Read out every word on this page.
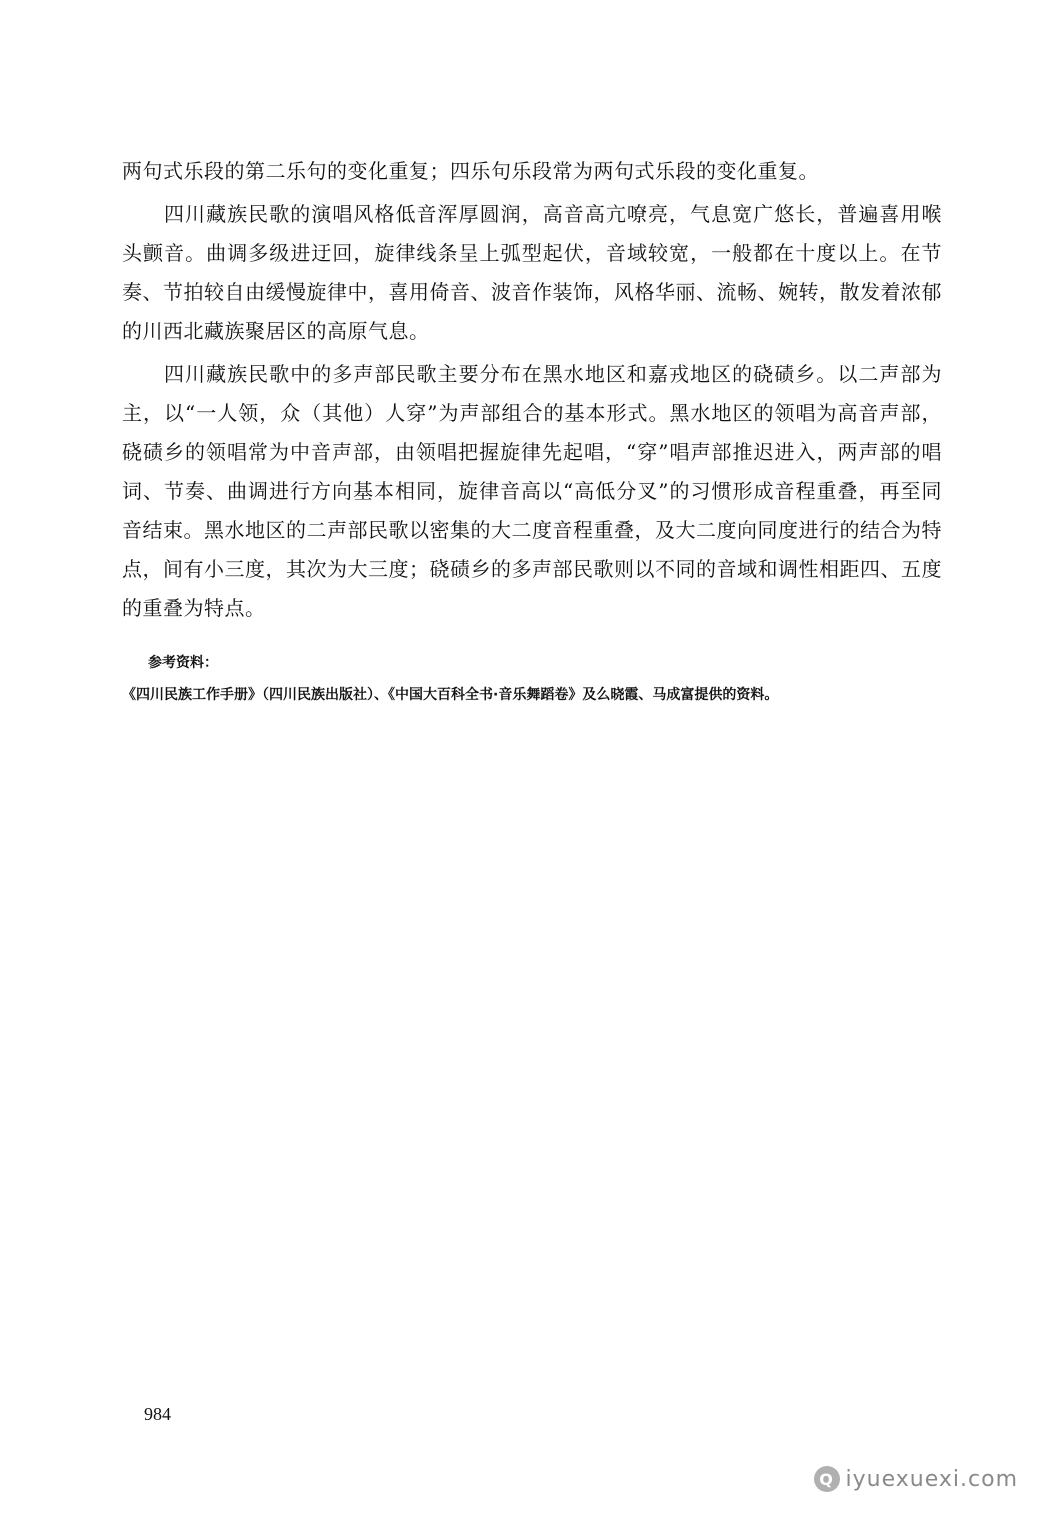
两句式乐段的第二乐句的变化重复；四乐句乐段常为两句式乐段的变化重复。

四川藏族民歌的演唱风格低音浑厚圆润，高音高亢嘹亮，气息宽广悠长，普遍喜用喉头颤音。曲调多级进迂回，旋律线条呈上弧型起伏，音域较宽，一般都在十度以上。在节奏、节拍较自由缓慢旋律中，喜用倚音、波音作装饰，风格华丽、流畅、婉转，散发着浓郁的川西北藏族聚居区的高原气息。

四川藏族民歌中的多声部民歌主要分布在黑水地区和嘉戎地区的硗碛乡。以二声部为主，以“一人领，众（其他）人穿”为声部组合的基本形式。黑水地区的领唱为高音声部，硗碛乡的领唱常为中音声部，由领唱把握旋律先起唱，“穿”唱声部推迟进入，两声部的唱词、节奏、曲调进行方向基本相同，旋律音高以“高低分叉”的习惯形成音程重叠，再至同音结束。黑水地区的二声部民歌以密集的大二度音程重叠，及大二度向同度进行的结合为特点，间有小三度，其次为大三度；硗碛乡的多声部民歌则以不同的音域和调性相距四、五度的重叠为特点。

参考资料：

《四川民族工作手册》（四川民族出版社）、《中国大百科全书·音乐舞蹈卷》及么晓霞、马成富提供的资料。

984
Q iyuexuexi.com
